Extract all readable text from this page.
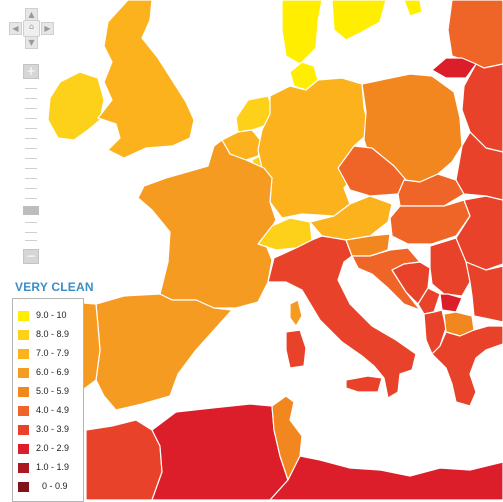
▲
◀	⌂	▶
▼
+
−
VERY CLEAN
9.0 - 10
8.0 - 8.9
7.0 - 7.9
6.0 - 6.9
5.0 - 5.9
4.0 - 4.9
3.0 - 3.9
2.0 - 2.9
1.0 - 1.9
0 - 0.9
